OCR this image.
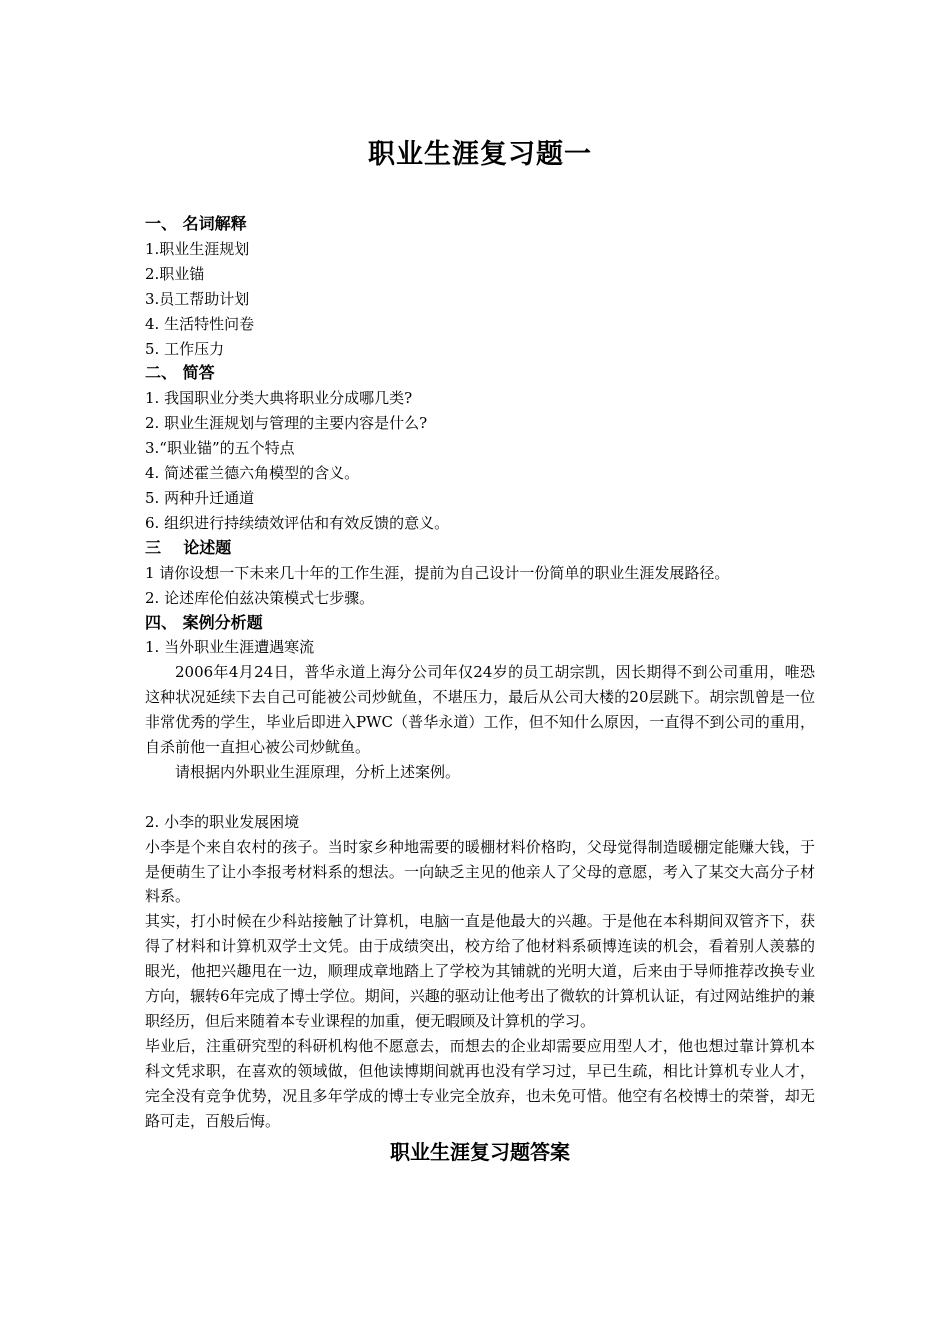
职业生涯复习题一
一、 名词解释
1.职业生涯规划
2.职业锚
3.员工帮助计划
4. 生活特性问卷
5. 工作压力
二、 简答
1. 我国职业分类大典将职业分成哪几类?
2. 职业生涯规划与管理的主要内容是什么?
3.“职业锚”的五个特点
4. 简述霍兰德六角模型的含义。
5. 两种升迁通道
6. 组织进行持续绩效评估和有效反馈的意义。
三    论述题
1 请你设想一下未来几十年的工作生涯，提前为自己设计一份简单的职业生涯发展路径。
2. 论述库伦伯兹决策模式七步骤。
四、 案例分析题
1. 当外职业生涯遭遇寒流
2006年4月24日，普华永道上海分公司年仅24岁的员工胡宗凯，因长期得不到公司重用，唯恐这种状况延续下去自己可能被公司炒鱿鱼，不堪压力，最后从公司大楼的20层跳下。胡宗凯曾是一位非常优秀的学生，毕业后即进入PWC（普华永道）工作，但不知什么原因，一直得不到公司的重用，自杀前他一直担心被公司炒鱿鱼。
请根据内外职业生涯原理，分析上述案例。
2. 小李的职业发展困境
小李是个来自农村的孩子。当时家乡种地需要的暖棚材料价格昀，父母觉得制造暖棚定能赚大钱，于是便萌生了让小李报考材料系的想法。一向缺乏主见的他亲人了父母的意愿，考入了某交大高分子材料系。
其实，打小时候在少科站接触了计算机，电脑一直是他最大的兴趣。于是他在本科期间双管齐下，获得了材料和计算机双学士文凭。由于成绩突出，校方给了他材料系硕博连读的机会，看着别人羡慕的眼光，他把兴趣甩在一边，顺理成章地踏上了学校为其铺就的光明大道，后来由于导师推荐改换专业方向，辗转6年完成了博士学位。期间，兴趣的驱动让他考出了微软的计算机认证，有过网站维护的兼职经历，但后来随着本专业课程的加重，便无暇顾及计算机的学习。
毕业后，注重研究型的科研机构他不愿意去，而想去的企业却需要应用型人才，他也想过靠计算机本科文凭求职，在喜欢的领域做，但他读博期间就再也没有学习过，早已生疏，相比计算机专业人才，完全没有竞争优势，况且多年学成的博士专业完全放弃，也未免可惜。他空有名校博士的荣誉，却无路可走，百般后悔。
职业生涯复习题答案
